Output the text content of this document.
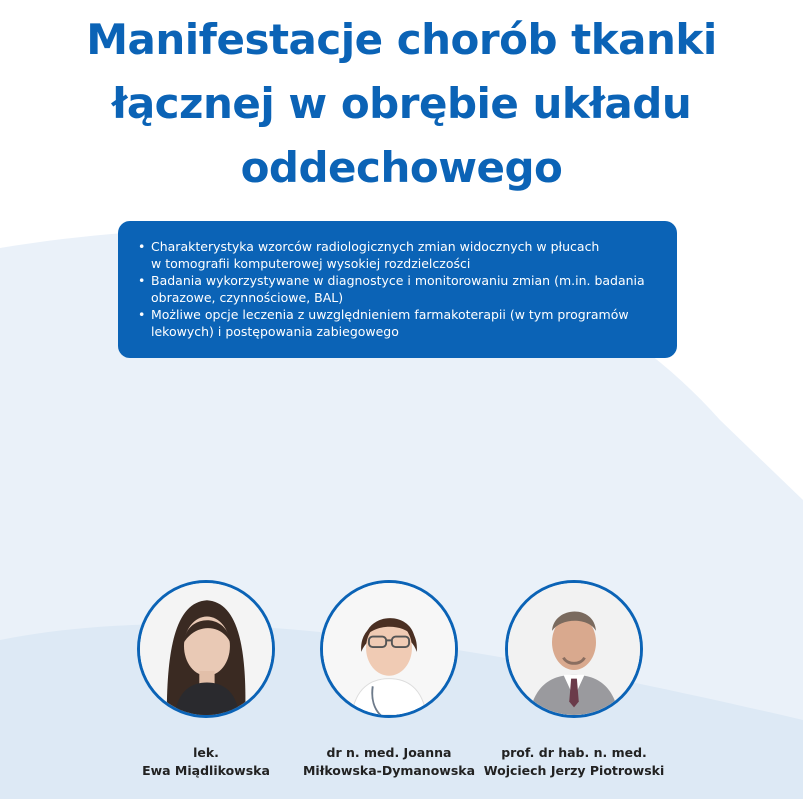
Manifestacje chorób tkanki
łącznej w obrębie układu
oddechowego
• Charakterystyka wzorców radiologicznych zmian widocznych w płucach
w tomografii komputerowej wysokiej rozdzielczości
• Badania wykorzystywane w diagnostyce i monitorowaniu zmian (m.in. badania
obrazowe, czynnościowe, BAL)
• Możliwe opcje leczenia z uwzględnieniem farmakoterapii (w tym programów
lekowych) i postępowania zabiegowego
lek.
Ewa Miądlikowska
dr n. med. Joanna
Miłkowska-Dymanowska
prof. dr hab. n. med.
Wojciech Jerzy Piotrowski
